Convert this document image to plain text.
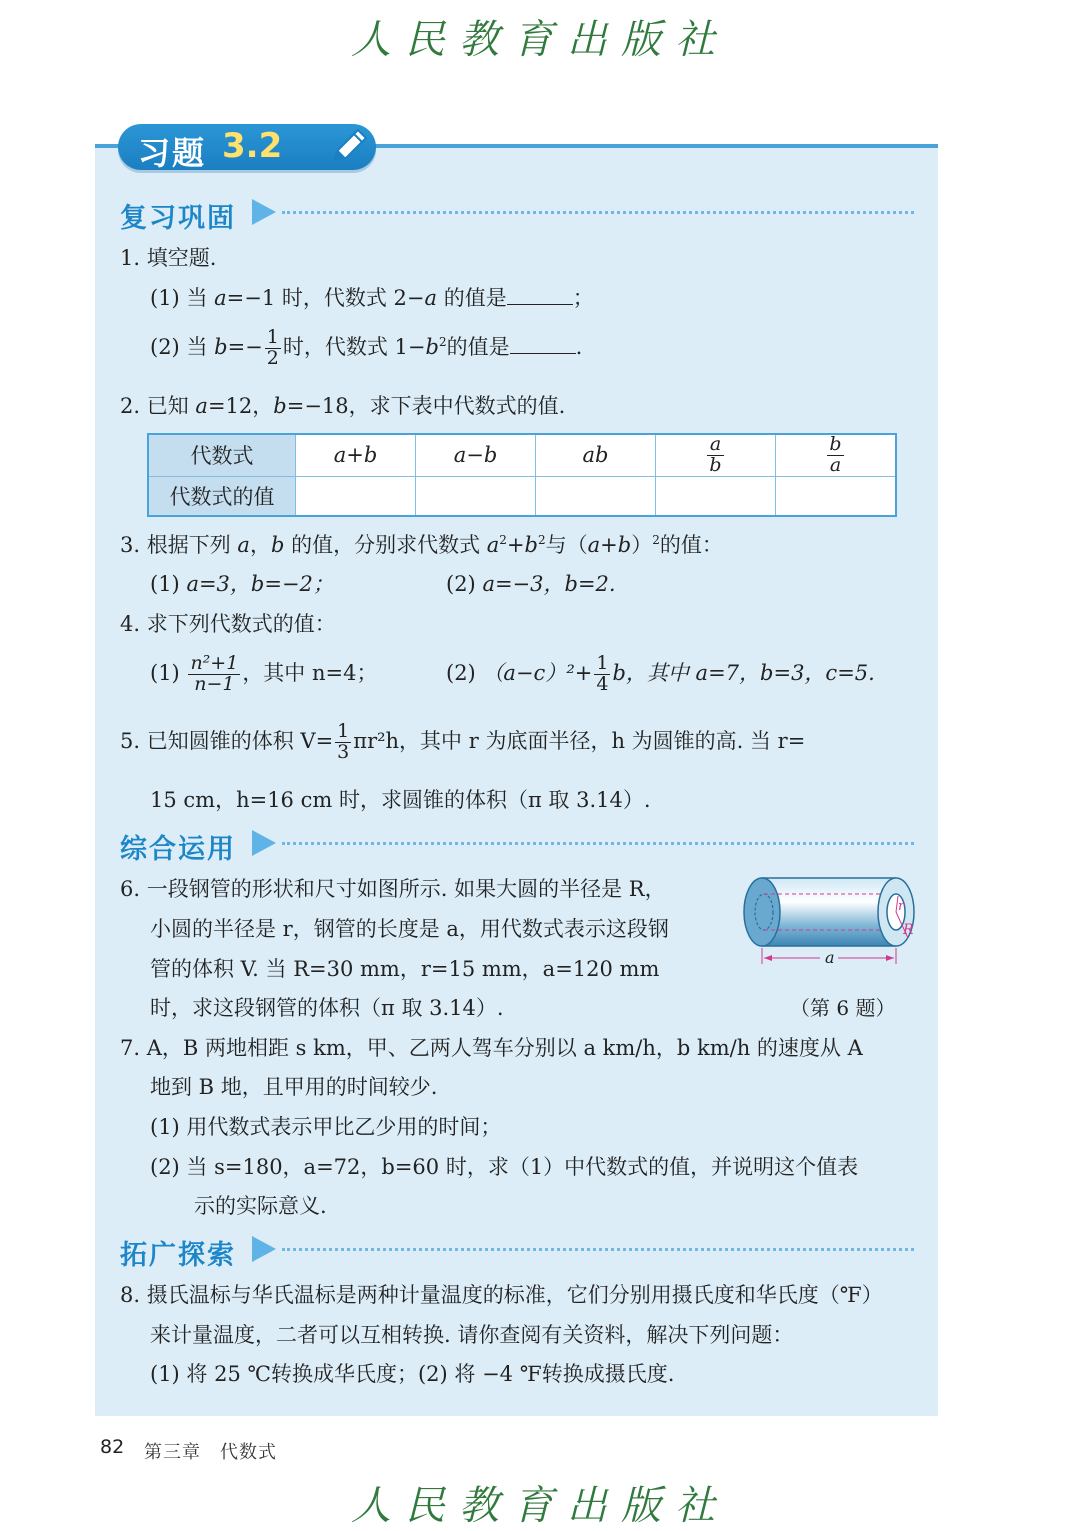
人民教育出版社
习题 3.2
复习巩固
1. 填空题.
(1) 当 a=−1 时，代数式 2−a 的值是	；
(2) 当 $b=- \frac{1}{2}$ 时，代数式 $1-b^2$的值是	.
2. 已知 a=12，b=−18，求下表中代数式的值.
代数式	a+b	a−b	ab	$\frac{a}{b}$	$\frac{b}{a}$

代数式的值					
3. 根据下列 a，b 的值，分别求代数式 $a^2+b^2$与$(a+b)^2$的值：
(1) a=3，b=−2；	(2) a=−3，b=2.
4. 求下列代数式的值：
$(1) \frac{\text{n²+1}}{n-1}$ ，其中 n=4；	(2) $(a-c)^2+ \frac{1}{4}$ b，其中 a=7，b=3，c=5.
5. 已知圆锥的体积 $V= \frac{1}{3} \pi r^2h$，其中 r 为底面半径，h 为圆锥的高. 当 r=
15 cm，h=16 cm 时，求圆锥的体积（π 取 3.14）.
综合运用
6. 一段钢管的形状和尺寸如图所示. 如果大圆的半径是 R，
小圆的半径是 r，钢管的长度是 a，用代数式表示这段钢
管的体积 V. 当 R=30 mm，r=15 mm，a=120 mm
时，求这段钢管的体积（π 取 3.14）.
r
R
a
（第 6 题）
7. A，B 两地相距 s km，甲、乙两人驾车分别以 a km/h，b km/h 的速度从 A
地到 B 地，且甲用的时间较少.
(1) 用代数式表示甲比乙少用的时间；
(2) 当 s=180，a=72，b=60 时，求（1）中代数式的值，并说明这个值表
示的实际意义.
拓广探索
8. 摄氏温标与华氏温标是两种计量温度的标准，它们分别用摄氏度和华氏度（℉）
来计量温度，二者可以互相转换. 请你查阅有关资料，解决下列问题：
(1) 将 25 ℃转换成华氏度；(2) 将 −4 ℉转换成摄氏度.
82 第三章　代数式
人民教育出版社
